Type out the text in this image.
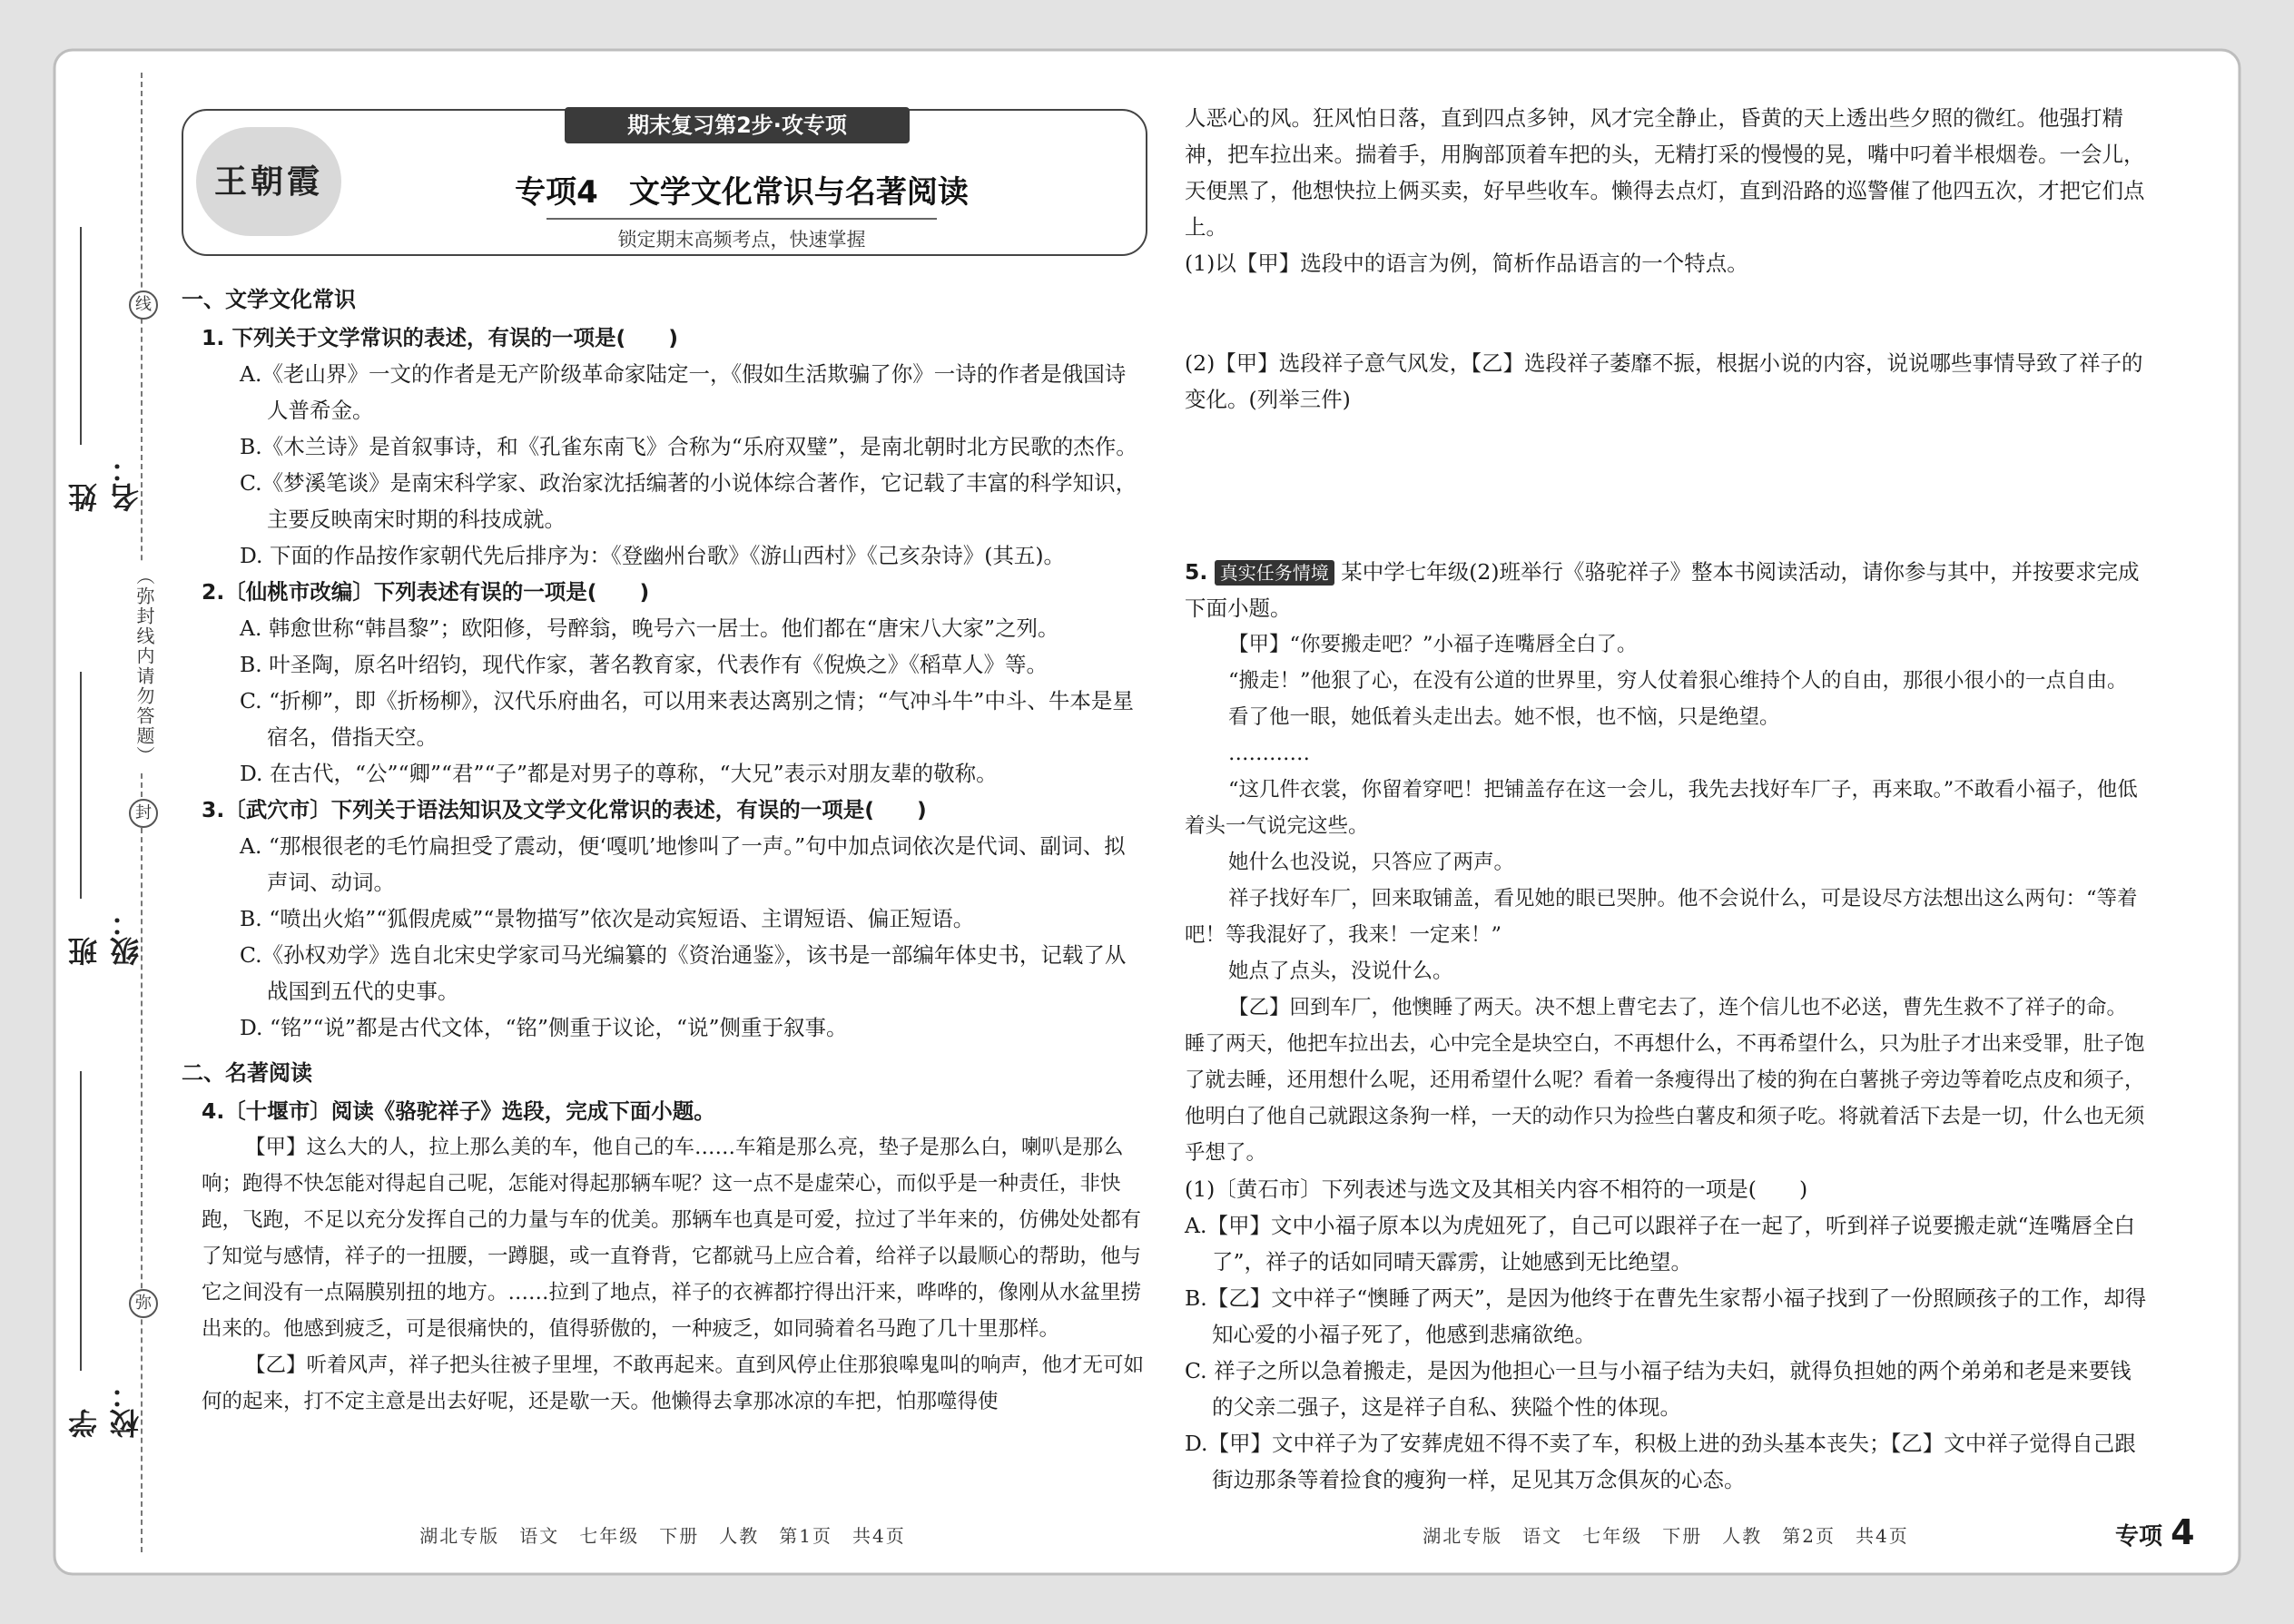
线
封
弥
（弥封线内请勿答题）
姓名：
班级：
学校：
王朝霞
期末复习第2步·攻专项
专项4　文学文化常识与名著阅读
锁定期末高频考点，快速掌握
一、文学文化常识
1. 下列关于文学常识的表述，有误的一项是(　　)
A.《老山界》一文的作者是无产阶级革命家陆定一，《假如生活欺骗了你》一诗的作者是俄国诗人普希金。
B.《木兰诗》是首叙事诗，和《孔雀东南飞》合称为“乐府双璧”，是南北朝时北方民歌的杰作。
C.《梦溪笔谈》是南宋科学家、政治家沈括编著的小说体综合著作，它记载了丰富的科学知识，主要反映南宋时期的科技成就。
D. 下面的作品按作家朝代先后排序为：《登幽州台歌》《游山西村》《己亥杂诗》(其五)。
2.〔仙桃市改编〕下列表述有误的一项是(　　)
A. 韩愈世称“韩昌黎”；欧阳修，号醉翁，晚号六一居士。他们都在“唐宋八大家”之列。
B. 叶圣陶，原名叶绍钧，现代作家，著名教育家，代表作有《倪焕之》《稻草人》等。
C. “折柳”，即《折杨柳》，汉代乐府曲名，可以用来表达离别之情；“气冲斗牛”中斗、牛本是星宿名，借指天空。
D. 在古代，“公”“卿”“君”“子”都是对男子的尊称，“大兄”表示对朋友辈的敬称。
3.〔武穴市〕下列关于语法知识及文学文化常识的表述，有误的一项是(　　)
A. “那根很老的毛竹扁担受了震动，便‘嘎叽’地惨叫了一声。”句中加点词依次是代词、副词、拟声词、动词。
B. “喷出火焰”“狐假虎威”“景物描写”依次是动宾短语、主谓短语、偏正短语。
C.《孙权劝学》选自北宋史学家司马光编纂的《资治通鉴》，该书是一部编年体史书，记载了从战国到五代的史事。
D. “铭”“说”都是古代文体，“铭”侧重于议论，“说”侧重于叙事。
二、名著阅读
4.〔十堰市〕阅读《骆驼祥子》选段，完成下面小题。
【甲】这么大的人，拉上那么美的车，他自己的车……车箱是那么亮，垫子是那么白，喇叭是那么响；跑得不快怎能对得起自己呢，怎能对得起那辆车呢？这一点不是虚荣心，而似乎是一种责任，非快跑，飞跑，不足以充分发挥自己的力量与车的优美。那辆车也真是可爱，拉过了半年来的，仿佛处处都有了知觉与感情，祥子的一扭腰，一蹲腿，或一直脊背，它都就马上应合着，给祥子以最顺心的帮助，他与它之间没有一点隔膜别扭的地方。……拉到了地点，祥子的衣裤都拧得出汗来，哗哗的，像刚从水盆里捞出来的。他感到疲乏，可是很痛快的，值得骄傲的，一种疲乏，如同骑着名马跑了几十里那样。
【乙】听着风声，祥子把头往被子里埋，不敢再起来。直到风停止住那狼嗥鬼叫的响声，他才无可如何的起来，打不定主意是出去好呢，还是歇一天。他懒得去拿那冰凉的车把，怕那噬得使
湖北专版　语文　七年级　下册　人教　第1页　共4页
人恶心的风。狂风怕日落，直到四点多钟，风才完全静止，昏黄的天上透出些夕照的微红。他强打精神，把车拉出来。揣着手，用胸部顶着车把的头，无精打采的慢慢的晃，嘴中叼着半根烟卷。一会儿，天便黑了，他想快拉上俩买卖，好早些收车。懒得去点灯，直到沿路的巡警催了他四五次，才把它们点上。
(1)以【甲】选段中的语言为例，简析作品语言的一个特点。
(2)【甲】选段祥子意气风发，【乙】选段祥子萎靡不振，根据小说的内容，说说哪些事情导致了祥子的变化。(列举三件)
5. 真实任务情境 某中学七年级(2)班举行《骆驼祥子》整本书阅读活动，请你参与其中，并按要求完成下面小题。
【甲】“你要搬走吧？”小福子连嘴唇全白了。
“搬走！”他狠了心，在没有公道的世界里，穷人仗着狠心维持个人的自由，那很小很小的一点自由。
看了他一眼，她低着头走出去。她不恨，也不恼，只是绝望。
…………
“这几件衣裳，你留着穿吧！把铺盖存在这一会儿，我先去找好车厂子，再来取。”不敢看小福子，他低着头一气说完这些。
她什么也没说，只答应了两声。
祥子找好车厂，回来取铺盖，看见她的眼已哭肿。他不会说什么，可是设尽方法想出这么两句：“等着吧！等我混好了，我来！一定来！”
她点了点头，没说什么。
【乙】回到车厂，他懊睡了两天。决不想上曹宅去了，连个信儿也不必送，曹先生救不了祥子的命。睡了两天，他把车拉出去，心中完全是块空白，不再想什么，不再希望什么，只为肚子才出来受罪，肚子饱了就去睡，还用想什么呢，还用希望什么呢？看着一条瘦得出了棱的狗在白薯挑子旁边等着吃点皮和须子，他明白了他自己就跟这条狗一样，一天的动作只为捡些白薯皮和须子吃。将就着活下去是一切，什么也无须乎想了。
(1)〔黄石市〕下列表述与选文及其相关内容不相符的一项是(　　)
A.【甲】文中小福子原本以为虎妞死了，自己可以跟祥子在一起了，听到祥子说要搬走就“连嘴唇全白了”，祥子的话如同晴天霹雳，让她感到无比绝望。
B.【乙】文中祥子“懊睡了两天”，是因为他终于在曹先生家帮小福子找到了一份照顾孩子的工作，却得知心爱的小福子死了，他感到悲痛欲绝。
C. 祥子之所以急着搬走，是因为他担心一旦与小福子结为夫妇，就得负担她的两个弟弟和老是来要钱的父亲二强子，这是祥子自私、狭隘个性的体现。
D.【甲】文中祥子为了安葬虎妞不得不卖了车，积极上进的劲头基本丧失；【乙】文中祥子觉得自己跟街边那条等着捡食的瘦狗一样，足见其万念俱灰的心态。
湖北专版　语文　七年级　下册　人教　第2页　共4页	专项 4
